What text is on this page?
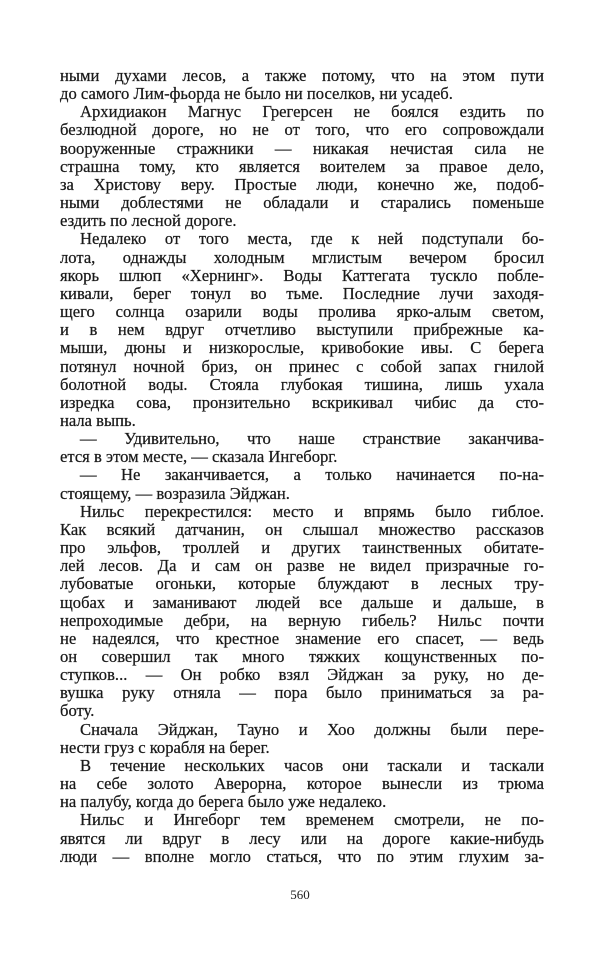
ными духами лесов, а также потому, что на этом пути
до самого Лим-фьорда не было ни поселков, ни усадеб.
Архидиакон Магнус Грегерсен не боялся ездить по
безлюдной дороге, но не от того, что его сопровождали
вооруженные стражники — никакая нечистая сила не
страшна тому, кто является воителем за правое дело,
за Христову веру. Простые люди, конечно же, подоб-
ными доблестями не обладали и старались поменьше
ездить по лесной дороге.
Недалеко от того места, где к ней подступали бо-
лота, однажды холодным мглистым вечером бросил
якорь шлюп «Хернинг». Воды Каттегата тускло побле-
кивали, берег тонул во тьме. Последние лучи заходя-
щего солнца озарили воды пролива ярко-алым светом,
и в нем вдруг отчетливо выступили прибрежные ка-
мыши, дюны и низкорослые, кривобокие ивы. С берега
потянул ночной бриз, он принес с собой запах гнилой
болотной воды. Стояла глубокая тишина, лишь ухала
изредка сова, пронзительно вскрикивал чибис да сто-
нала выпь.
— Удивительно, что наше странствие заканчива-
ется в этом месте, — сказала Ингеборг.
— Не заканчивается, а только начинается по-на-
стоящему, — возразила Эйджан.
Нильс перекрестился: место и впрямь было гиблое.
Как всякий датчанин, он слышал множество рассказов
про эльфов, троллей и других таинственных обитате-
лей лесов. Да и сам он разве не видел призрачные го-
лубоватые огоньки, которые блуждают в лесных тру-
щобах и заманивают людей все дальше и дальше, в
непроходимые дебри, на верную гибель? Нильс почти
не надеялся, что крестное знамение его спасет, — ведь
он совершил так много тяжких кощунственных по-
ступков... — Он робко взял Эйджан за руку, но де-
вушка руку отняла — пора было приниматься за ра-
боту.
Сначала Эйджан, Тауно и Хоо должны были пере-
нести груз с корабля на берег.
В течение нескольких часов они таскали и таскали
на себе золото Аверорна, которое вынесли из трюма
на палубу, когда до берега было уже недалеко.
Нильс и Ингеборг тем временем смотрели, не по-
явятся ли вдруг в лесу или на дороге какие-нибудь
люди — вполне могло статься, что по этим глухим за-
560
